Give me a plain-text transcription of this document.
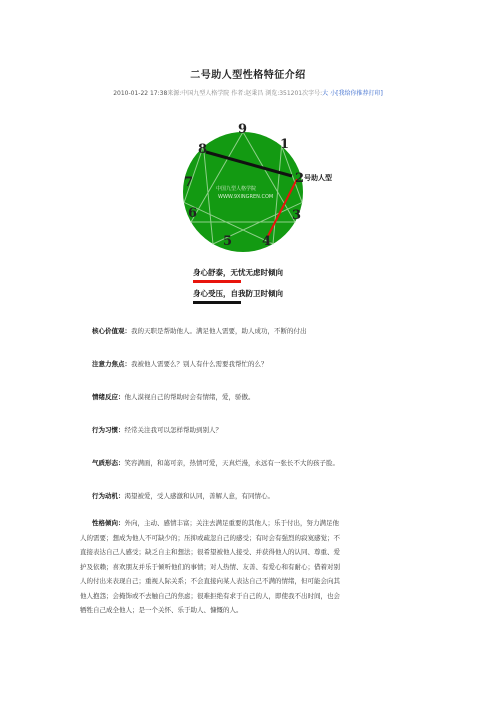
二号助人型性格特征介绍
2010-01-22 17:38来源:中国九型人格学院 作者:赵秉昌 浏览:351201次字号:大 小[我给你推荐打印]
中国九型人格学院
WWW.9XINGREN.COM
9
1
2 号助人型
3
4
5
6
7
8
身心舒泰，无忧无虑时倾向
身心受压，自我防卫时倾向
核心价值观：我的天职是帮助他人。满足他人需要，助人成功，不断的付出
注意力焦点：我被他人需要么？别人有什么需要我帮忙的么？
情绪反应：他人漠视自己的帮助时会有情绪，爱，骄傲。
行为习惯：经常关注我可以怎样帮助到别人？
气质形态：笑容满面，和蔼可亲，热情可爱，天真烂漫，永远有一张长不大的孩子脸。
行为动机：渴望被爱，受人感激和认同，善解人意，有同情心。
性格倾向：外向，主动、感情丰富；关注去满足重要的其他人；乐于付出，努力满足他
人的需要；想成为他人不可缺少的；压抑或疏忽自己的感受；有时会有强烈的寂寞感觉；不
直接表达自己人感受；缺乏自主和想法；很希望被他人接受、并获得他人的认同、尊重、爱
护及依赖；喜欢朋友并乐于倾听他们的事情；对人热情、友善、有爱心和有耐心；借着对别
人的付出来表现自己；重视人际关系；不会直接向某人表达自己不满的情绪，但可能会向其
他人抱怨；会掩饰或不去触自己的焦虑；很难拒绝有求于自己的人，即使我不出时间，也会
牺牲自己成全他人；是一个关怀、乐于助人、慷慨的人。
